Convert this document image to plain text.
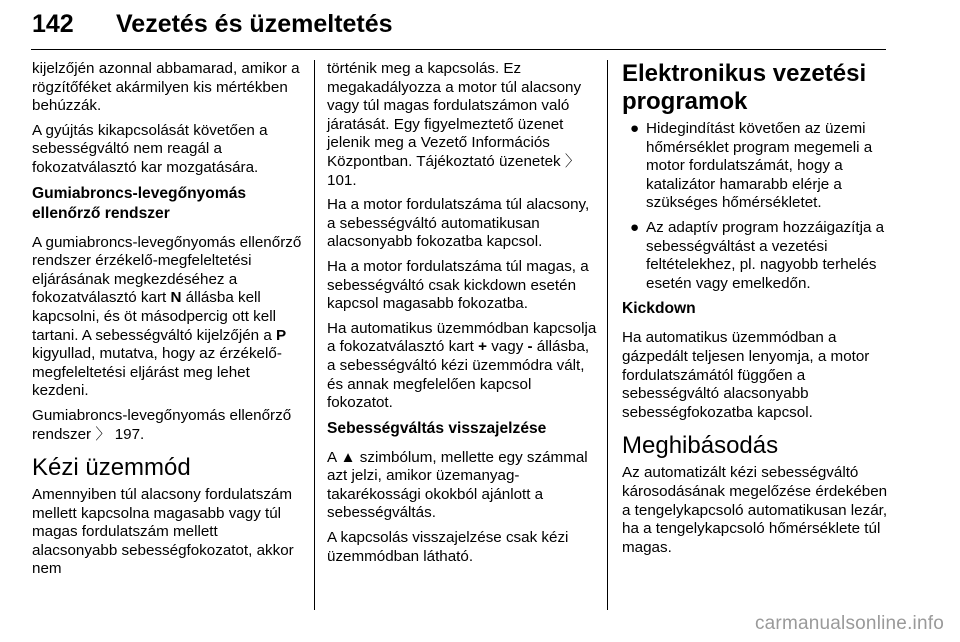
142 Vezetés és üzemeltetés

kijelzőjén azonnal abbamarad, amikor a rögzítőféket akármilyen kis mértékben behúzzák.

A gyújtás kikapcsolását követően a sebességváltó nem reagál a fokozatválasztó kar mozgatására.

Gumiabroncs-levegőnyomás ellenőrző rendszer

A gumiabroncs-levegőnyomás ellenőrző rendszer érzékelő-megfeleltetési eljárásának megkezdéséhez a fokozatválasztó kart N állásba kell kapcsolni, és öt másodpercig ott kell tartani. A sebességváltó kijelzőjén a P kigyullad, mutatva, hogy az érzékelő-megfeleltetési eljárást meg lehet kezdeni.

Gumiabroncs-levegőnyomás ellenőrző rendszer 〉 197.

Kézi üzemmód

Amennyiben túl alacsony fordulatszám mellett kapcsolna magasabb vagy túl magas fordulatszám mellett alacsonyabb sebességfokozatot, akkor nem

történik meg a kapcsolás. Ez megakadályozza a motor túl alacsony vagy túl magas fordulatszámon való járatását. Egy figyelmeztető üzenet jelenik meg a Vezető Információs Központban. Tájékoztató üzenetek 〉 101.

Ha a motor fordulatszáma túl alacsony, a sebességváltó automatikusan alacsonyabb fokozatba kapcsol.

Ha a motor fordulatszáma túl magas, a sebességváltó csak kickdown esetén kapcsol magasabb fokozatba.

Ha automatikus üzemmódban kapcsolja a fokozatválasztó kart + vagy - állásba, a sebességváltó kézi üzemmódra vált, és annak megfelelően kapcsol fokozatot.

Sebességváltás visszajelzése

A ▲ szimbólum, mellette egy számmal azt jelzi, amikor üzemanyag-takarékossági okokból ajánlott a sebességváltás.

A kapcsolás visszajelzése csak kézi üzemmódban látható.

Elektronikus vezetési programok
● Hidegindítást követően az üzemi hőmérséklet program megemeli a motor fordulatszámát, hogy a katalizátor hamarabb elérje a szükséges hőmérsékletet.
● Az adaptív program hozzáigazítja a sebességváltást a vezetési feltételekhez, pl. nagyobb terhelés esetén vagy emelkedőn.
Kickdown

Ha automatikus üzemmódban a gázpedált teljesen lenyomja, a motor fordulatszámától függően a sebességváltó alacsonyabb sebességfokozatba kapcsol.

Meghibásodás

Az automatizált kézi sebességváltó károsodásának megelőzése érdekében a tengelykapcsoló automatikusan lezár, ha a tengelykapcsoló hőmérséklete túl magas.

carmanualsonline.info
